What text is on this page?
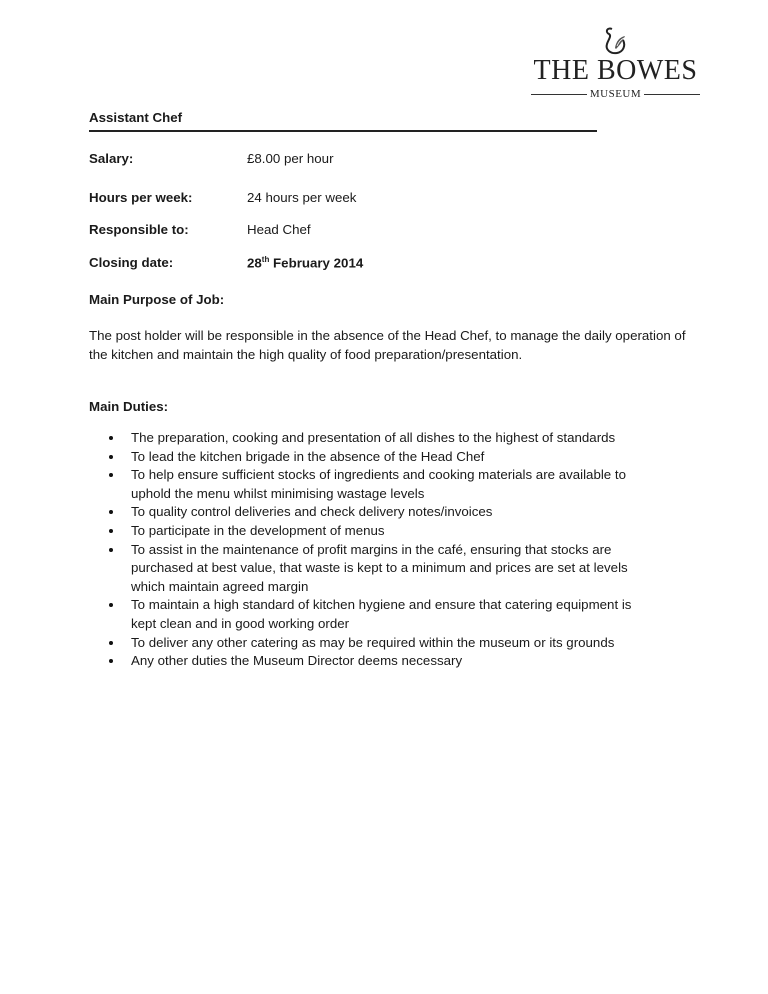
THE BOWES
MUSEUM
Assistant Chef
Salary:	£8.00 per hour
Hours per week:	24 hours per week
Responsible to:	Head Chef
Closing date:	28th February 2014
Main Purpose of Job:
The post holder will be responsible in the absence of the Head Chef, to manage the daily operation of the kitchen and maintain the high quality of food preparation/presentation.
Main Duties:
The preparation, cooking and presentation of all dishes to the highest of standards
To lead the kitchen brigade in the absence of the Head Chef
To help ensure sufficient stocks of ingredients and cooking materials are available to uphold the menu whilst minimising wastage levels
To quality control deliveries and check delivery notes/invoices
To participate in the development of menus
To assist in the maintenance of profit margins in the café, ensuring that stocks are purchased at best value, that waste is kept to a minimum and prices are set at levels which maintain agreed margin
To maintain a high standard of kitchen hygiene and ensure that catering equipment is kept clean and in good working order
To deliver any other catering as may be required within the museum or its grounds
Any other duties the Museum Director deems necessary
